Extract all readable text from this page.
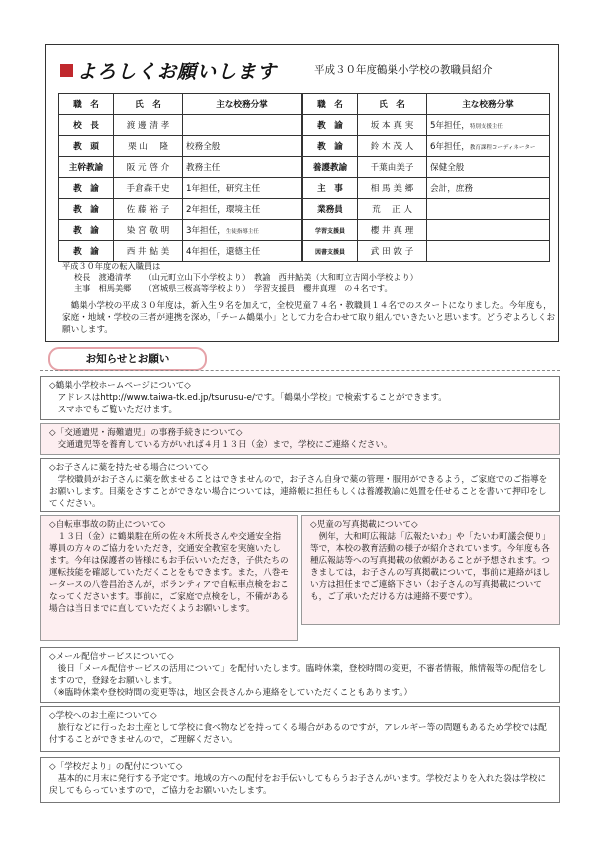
よろしくお願いします	平成３０年度鶴巣小学校の教職員紹介
職　名	氏　名	主な校務分掌
校　長	渡 邊 清 孝	
教　頭	栗 山　 隆	校務全般
主幹教諭	阪 元 啓 介	教務主任
教　諭	手倉森千史	1年担任，研究主任
教　諭	佐 藤 裕 子	2年担任，環境主任
教　諭	染 宮 敬 明	3年担任，生徒指導主任
教　諭	西 井 鮎 美	4年担任，還德主任
職　名	氏　名	主な校務分掌
教　諭	坂 本 真 実	5年担任，特別支援主任
教　諭	鈴 木 茂 人	6年担任，教育課程コーディネーター
養護教諭	千葉由美子	保健全般
主　事	相 馬 美 郷	会計，庶務
業務員	荒　 正 人	
学習支援員	櫻 井 真 理	
図書支援員	武 田 敦 子	
平成３０年度の転入職員は
校長　渡邉清孝　　（山元町立山下小学校より）　教諭　西井鮎美（大和町立吉岡小学校より）
主事　相馬美郷　　（宮城県三桜高等学校より）　学習支援員　櫻井真理　の４名です。
　鶴巣小学校の平成３０年度は，新入生９名を加えて，全校児童７４名・教職員１４名でのスタートになりました。今年度も，家庭・地域・学校の三者が連携を深め，「チーム鶴巣小」として力を合わせて取り組んでいきたいと思います。どうぞよろしくお願いします。
お知らせとお願い

◇鶴巣小学校ホームページについて◇

　アドレスはhttp://www.taiwa-tk.ed.jp/tsurusu-e/です。「鶴巣小学校」で検索することができます。

　スマホでもご覧いただけます。

◇「交通遺児・海難遺児」の事務手続きについて◇

　交通遺児等を養育している方がいれば４月１３日（金）まで，学校にご連絡ください。

◇お子さんに薬を持たせる場合について◇

　学校職員がお子さんに薬を飲ませることはできませんので，お子さん自身で薬の管理・服用ができるよう，ご家庭でのご指導をお願いします。目薬をさすことができない場合については，連絡帳に担任もしくは養護教諭に処置を任せることを書いて押印をしてください。

◇自転車事故の防止について◇

　１３日（金）に鶴巣駐在所の佐々木所長さんや交通安全指導員の方々のご協力をいただき，交通安全教室を実施いたします。今年は保護者の皆様にもお手伝いいただき，子供たちの運転技能を確認していただくことをもできます。また，八巻モータースの八巻昌治さんが，ボランティアで自転車点検をおこなってくださいます。事前に，ご家庭で点検をし，不備がある場合は当日までに直していただくようお願いします。

◇児童の写真掲載について◇

　例年，大和町広報誌「広報たいわ」や「たいわ町議会便り」等で，本校の教育活動の様子が紹介されています。今年度も各種広報誌等への写真掲載の依頼があることが予想されます。つきましては，お子さんの写真掲載について，事前に連絡がほしい方は担任までご連絡下さい（お子さんの写真掲載についても，ご了承いただける方は連絡不要です）。

◇メール配信サービスについて◇

　後日「メール配信サービスの活用について」を配付いたします。臨時休業，登校時間の変更，不審者情報，熊情報等の配信をしますので，登録をお願いします。

（※臨時休業や登校時間の変更等は，地区会長さんから連絡をしていただくこともあります。）

◇学校へのお土産について◇

　旅行などに行ったお土産として学校に食べ物などを持ってくる場合があるのですが，アレルギー等の問題もあるため学校では配付することができませんので，ご理解ください。

◇「学校だより」の配付について◇

　基本的に月末に発行する予定です。地域の方への配付をお手伝いしてもらうお子さんがいます。学校だよりを入れた袋は学校に戻してもらっていますので，ご協力をお願いいたします。
